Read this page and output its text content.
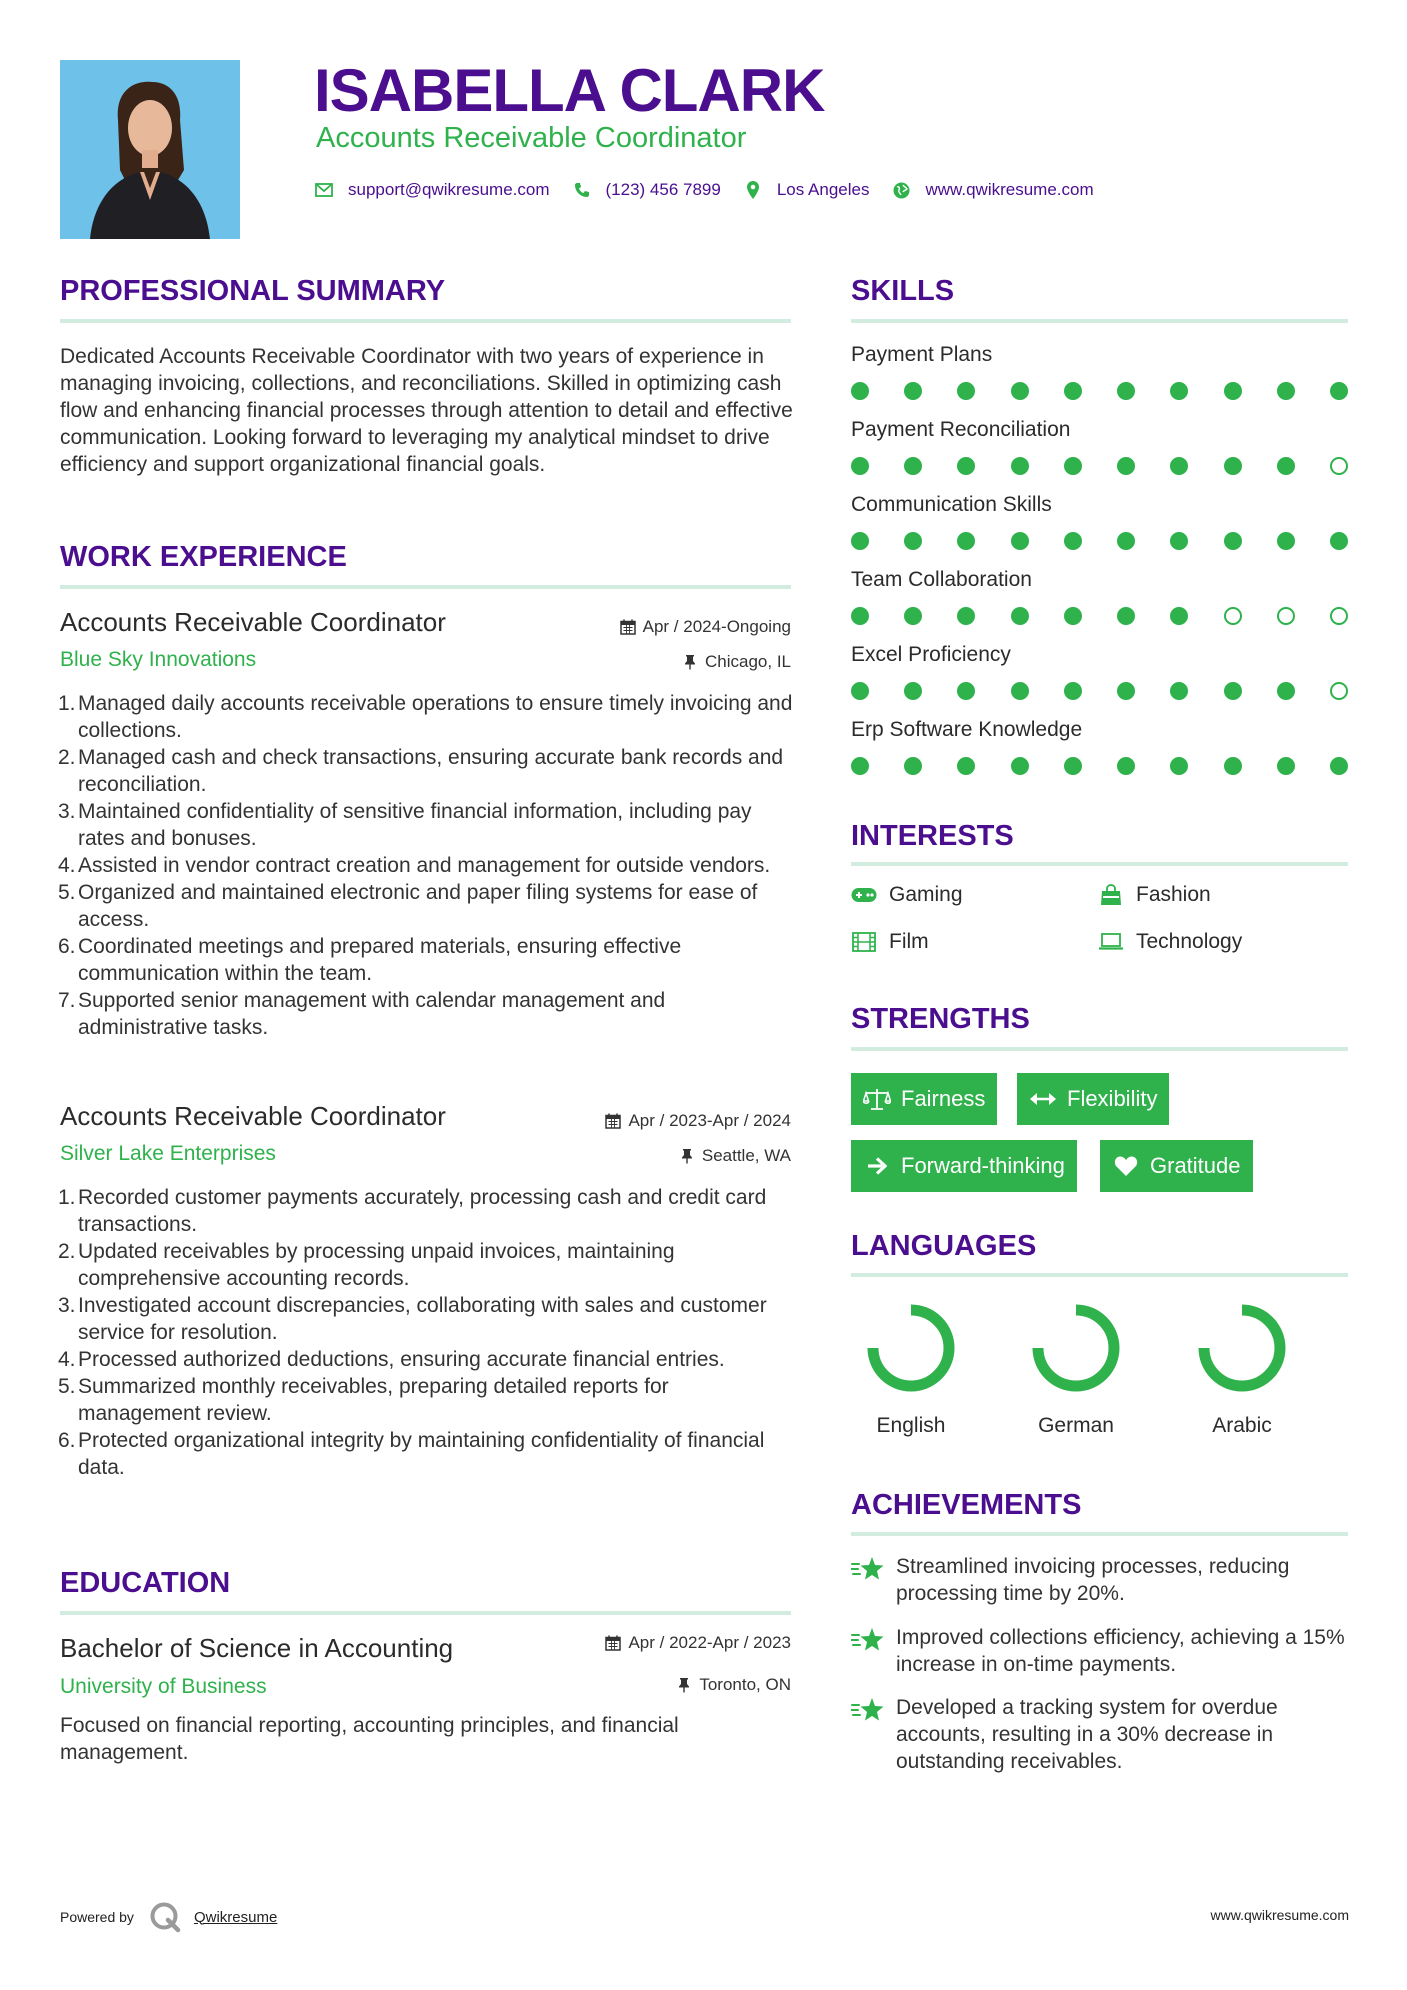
ISABELLA CLARK
Accounts Receivable Coordinator
support@qwikresume.com	(123) 456 7899	Los Angeles	www.qwikresume.com
PROFESSIONAL SUMMARY
Dedicated Accounts Receivable Coordinator with two years of experience in managing invoicing, collections, and reconciliations. Skilled in optimizing cash flow and enhancing financial processes through attention to detail and effective communication. Looking forward to leveraging my analytical mindset to drive efficiency and support organizational financial goals.
WORK EXPERIENCE
Accounts Receivable Coordinator	Apr / 2024-Ongoing
Blue Sky Innovations	Chicago, IL
1. Managed daily accounts receivable operations to ensure timely invoicing and collections.
2. Managed cash and check transactions, ensuring accurate bank records and reconciliation.
3. Maintained confidentiality of sensitive financial information, including pay rates and bonuses.
4. Assisted in vendor contract creation and management for outside vendors.
5. Organized and maintained electronic and paper filing systems for ease of access.
6. Coordinated meetings and prepared materials, ensuring effective communication within the team.
7. Supported senior management with calendar management and administrative tasks.
Accounts Receivable Coordinator	Apr / 2023-Apr / 2024
Silver Lake Enterprises	Seattle, WA
1. Recorded customer payments accurately, processing cash and credit card transactions.
2. Updated receivables by processing unpaid invoices, maintaining comprehensive accounting records.
3. Investigated account discrepancies, collaborating with sales and customer service for resolution.
4. Processed authorized deductions, ensuring accurate financial entries.
5. Summarized monthly receivables, preparing detailed reports for management review.
6. Protected organizational integrity by maintaining confidentiality of financial data.
EDUCATION
Bachelor of Science in Accounting	Apr / 2022-Apr / 2023
University of Business	Toronto, ON
Focused on financial reporting, accounting principles, and financial management.
SKILLS
Payment Plans
Payment Reconciliation
Communication Skills
Team Collaboration
Excel Proficiency
Erp Software Knowledge
INTERESTS
Gaming	Fashion
Film	Technology
STRENGTHS
Fairness	Flexibility
Forward-thinking	Gratitude
LANGUAGES
English	German	Arabic
ACHIEVEMENTS
Streamlined invoicing processes, reducing processing time by 20%.
Improved collections efficiency, achieving a 15% increase in on-time payments.
Developed a tracking system for overdue accounts, resulting in a 30% decrease in outstanding receivables.
Powered by	Qwikresume	www.qwikresume.com
